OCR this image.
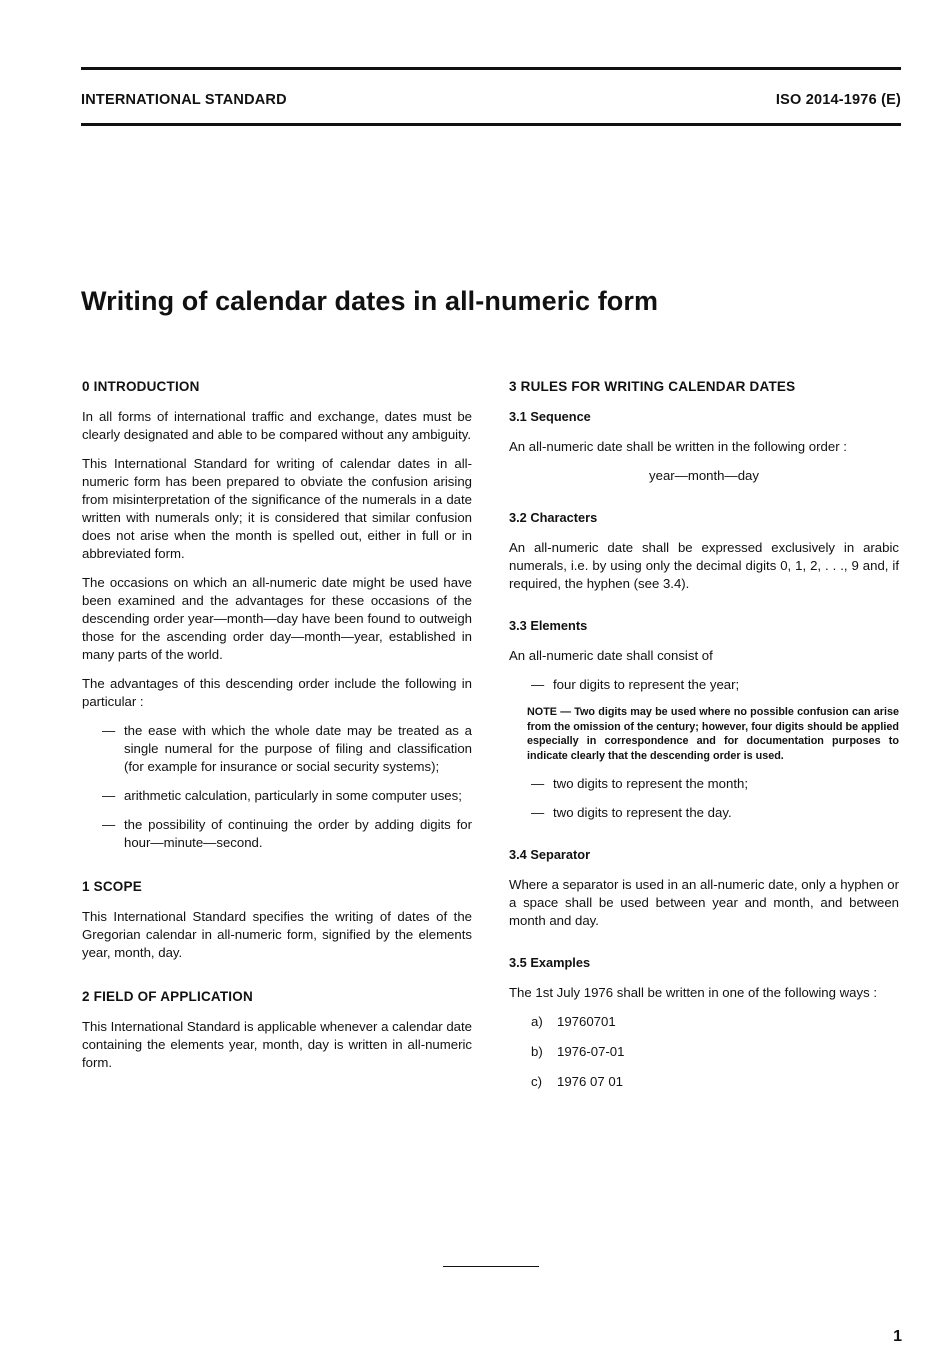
INTERNATIONAL STANDARD	ISO 2014-1976 (E)
Writing of calendar dates in all-numeric form
0 INTRODUCTION

In all forms of international traffic and exchange, dates must be clearly designated and able to be compared without any ambiguity.

This International Standard for writing of calendar dates in all-numeric form has been prepared to obviate the confusion arising from misinterpretation of the significance of the numerals in a date written with numerals only; it is considered that similar confusion does not arise when the month is spelled out, either in full or in abbreviated form.

The occasions on which an all-numeric date might be used have been examined and the advantages for these occasions of the descending order year—month—day have been found to outweigh those for the ascending order day—month—year, established in many parts of the world.

The advantages of this descending order include the following in particular :

— the ease with which the whole date may be treated as a single numeral for the purpose of filing and classification (for example for insurance or social security systems);
— arithmetic calculation, particularly in some computer uses;
— the possibility of continuing the order by adding digits for hour—minute—second.
1 SCOPE

This International Standard specifies the writing of dates of the Gregorian calendar in all-numeric form, signified by the elements year, month, day.

2 FIELD OF APPLICATION

This International Standard is applicable whenever a calendar date containing the elements year, month, day is written in all-numeric form.

3 RULES FOR WRITING CALENDAR DATES
3.1 Sequence

An all-numeric date shall be written in the following order :

year—month—day
3.2 Characters

An all-numeric date shall be expressed exclusively in arabic numerals, i.e. by using only the decimal digits 0, 1, 2, . . ., 9 and, if required, the hyphen (see 3.4).

3.3 Elements

An all-numeric date shall consist of

— four digits to represent the year;
NOTE — Two digits may be used where no possible confusion can arise from the omission of the century; however, four digits should be applied especially in correspondence and for documentation purposes to indicate clearly that the descending order is used.
— two digits to represent the month;
— two digits to represent the day.
3.4 Separator

Where a separator is used in an all-numeric date, only a hyphen or a space shall be used between year and month, and between month and day.

3.5 Examples

The 1st July 1976 shall be written in one of the following ways :

a)	19760701
b)	1976-07-01
c)	1976 07 01
1
